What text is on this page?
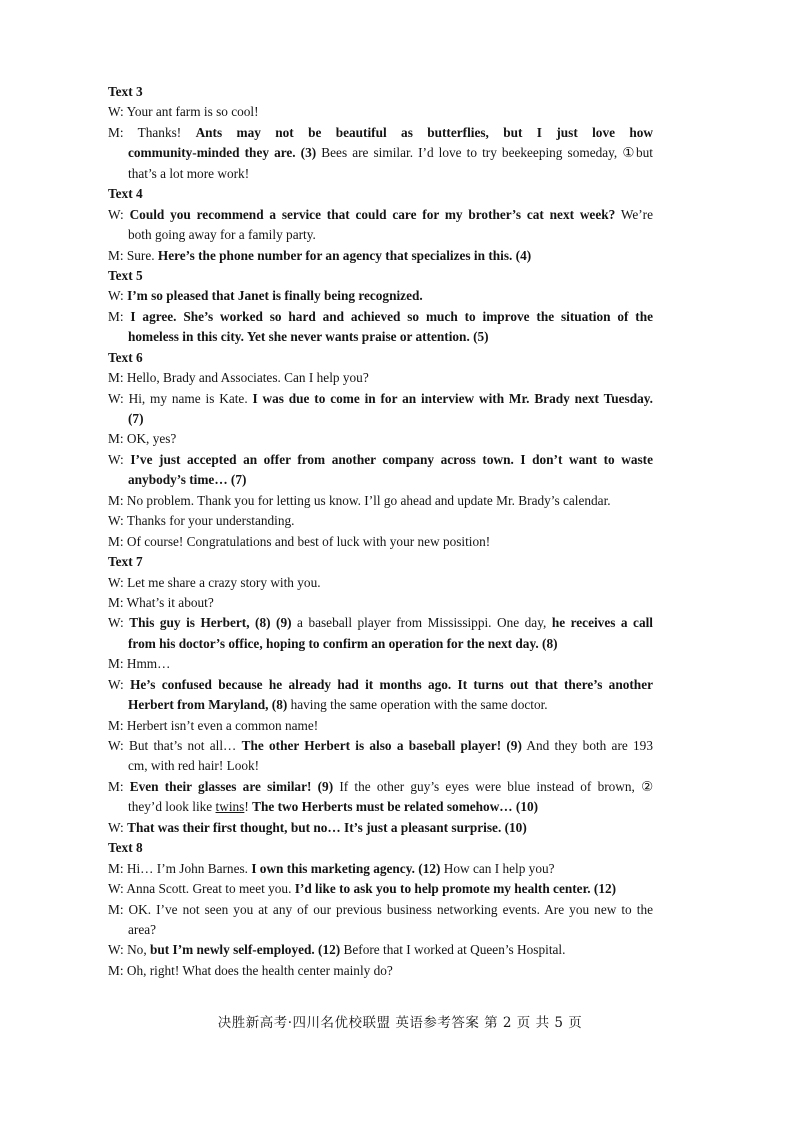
Text 3
W: Your ant farm is so cool!
M: Thanks! Ants may not be beautiful as butterflies, but I just love how
community-minded they are. (3) Bees are similar. I’d love to try beekeeping someday, ①but
that’s a lot more work!
Text 4
W: Could you recommend a service that could care for my brother’s cat next week? We’re
both going away for a family party.
M: Sure. Here’s the phone number for an agency that specializes in this. (4)
Text 5
W: I’m so pleased that Janet is finally being recognized.
M: I agree. She’s worked so hard and achieved so much to improve the situation of the
homeless in this city. Yet she never wants praise or attention. (5)
Text 6
M: Hello, Brady and Associates. Can I help you?
W: Hi, my name is Kate. I was due to come in for an interview with Mr. Brady next Tuesday.
(7)
M: OK, yes?
W: I’ve just accepted an offer from another company across town. I don’t want to waste
anybody’s time… (7)
M: No problem. Thank you for letting us know. I’ll go ahead and update Mr. Brady’s calendar.
W: Thanks for your understanding.
M: Of course! Congratulations and best of luck with your new position!
Text 7
W: Let me share a crazy story with you.
M: What’s it about?
W: This guy is Herbert, (8) (9) a baseball player from Mississippi. One day, he receives a call
from his doctor’s office, hoping to confirm an operation for the next day. (8)
M: Hmm…
W: He’s confused because he already had it months ago. It turns out that there’s another
Herbert from Maryland, (8) having the same operation with the same doctor.
M: Herbert isn’t even a common name!
W: But that’s not all… The other Herbert is also a baseball player! (9) And they both are 193
cm, with red hair! Look!
M: Even their glasses are similar! (9) If the other guy’s eyes were blue instead of brown, ②
they’d look like twins! The two Herberts must be related somehow… (10)
W: That was their first thought, but no… It’s just a pleasant surprise. (10)
Text 8
M: Hi… I’m John Barnes. I own this marketing agency. (12) How can I help you?
W: Anna Scott. Great to meet you. I’d like to ask you to help promote my health center. (12)
M: OK. I’ve not seen you at any of our previous business networking events. Are you new to the
area?
W: No, but I’m newly self-employed. (12) Before that I worked at Queen’s Hospital.
M: Oh, right! What does the health center mainly do?
决胜新高考·四川名优校联盟 英语参考答案 第 2 页 共 5 页
